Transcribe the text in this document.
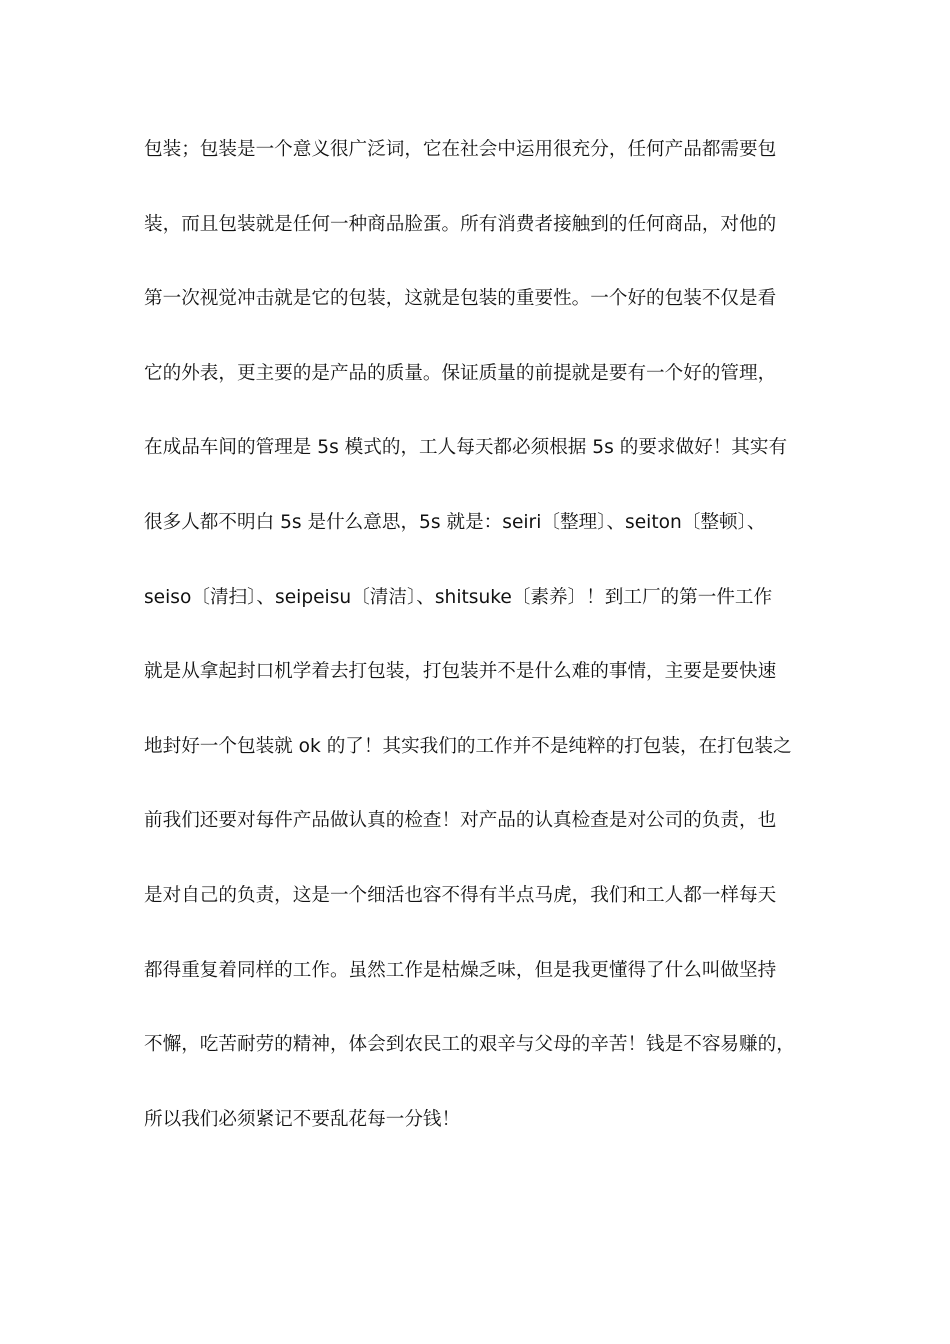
包装；包装是一个意义很广泛词，它在社会中运用很充分，任何产品都需要包
装，而且包装就是任何一种商品脸蛋。所有消费者接触到的任何商品，对他的
第一次视觉冲击就是它的包装，这就是包装的重要性。一个好的包装不仅是看
它的外表，更主要的是产品的质量。保证质量的前提就是要有一个好的管理，
在成品车间的管理是 5s 模式的，工人每天都必须根据 5s 的要求做好！其实有
很多人都不明白 5s 是什么意思，5s 就是：seiri〔整理〕、seiton〔整顿〕、
seiso〔清扫〕、seipeisu〔清洁〕、shitsuke〔素养〕！到工厂的第一件工作
就是从拿起封口机学着去打包装，打包装并不是什么难的事情，主要是要快速
地封好一个包装就 ok 的了！其实我们的工作并不是纯粹的打包装，在打包装之
前我们还要对每件产品做认真的检查！对产品的认真检查是对公司的负责，也
是对自己的负责，这是一个细活也容不得有半点马虎，我们和工人都一样每天
都得重复着同样的工作。虽然工作是枯燥乏味，但是我更懂得了什么叫做坚持
不懈，吃苦耐劳的精神，体会到农民工的艰辛与父母的辛苦！钱是不容易赚的，
所以我们必须紧记不要乱花每一分钱！
